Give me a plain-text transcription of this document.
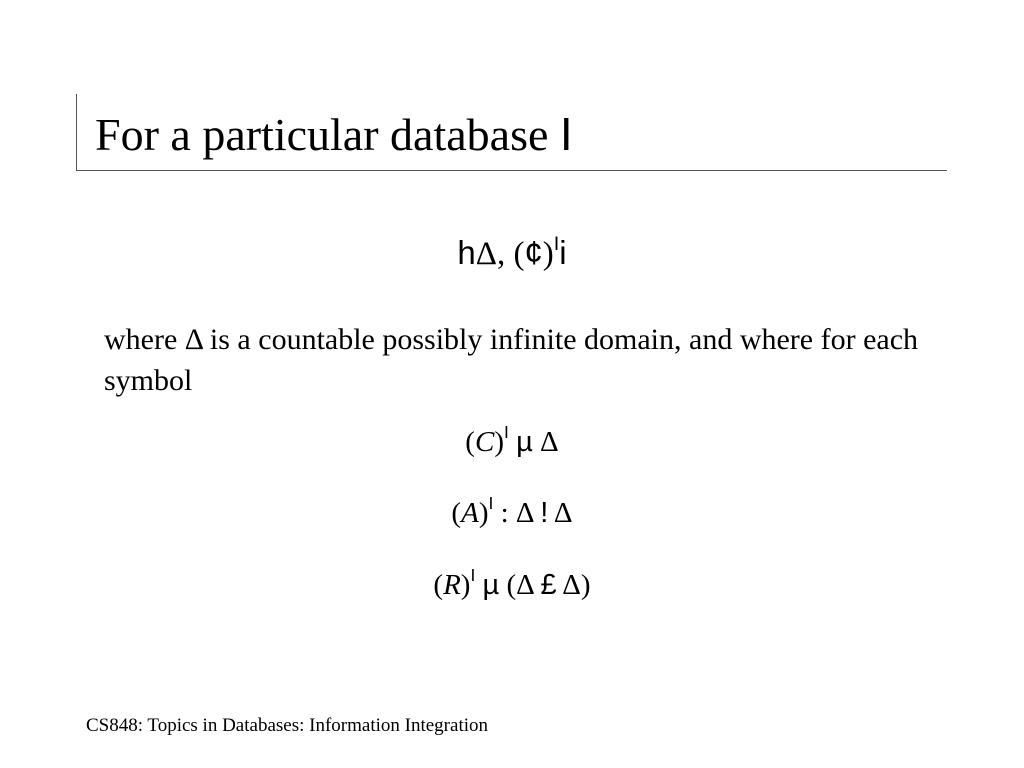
For a particular database I
hΔ, (¢)$^I$i
where Δ is a countable possibly infinite domain, and where for each symbol
$(C)^I$ µ Δ
$(A)^I$ : Δ ! Δ
$(R)^I$ µ (Δ £ Δ)
CS848: Topics in Databases: Information Integration
